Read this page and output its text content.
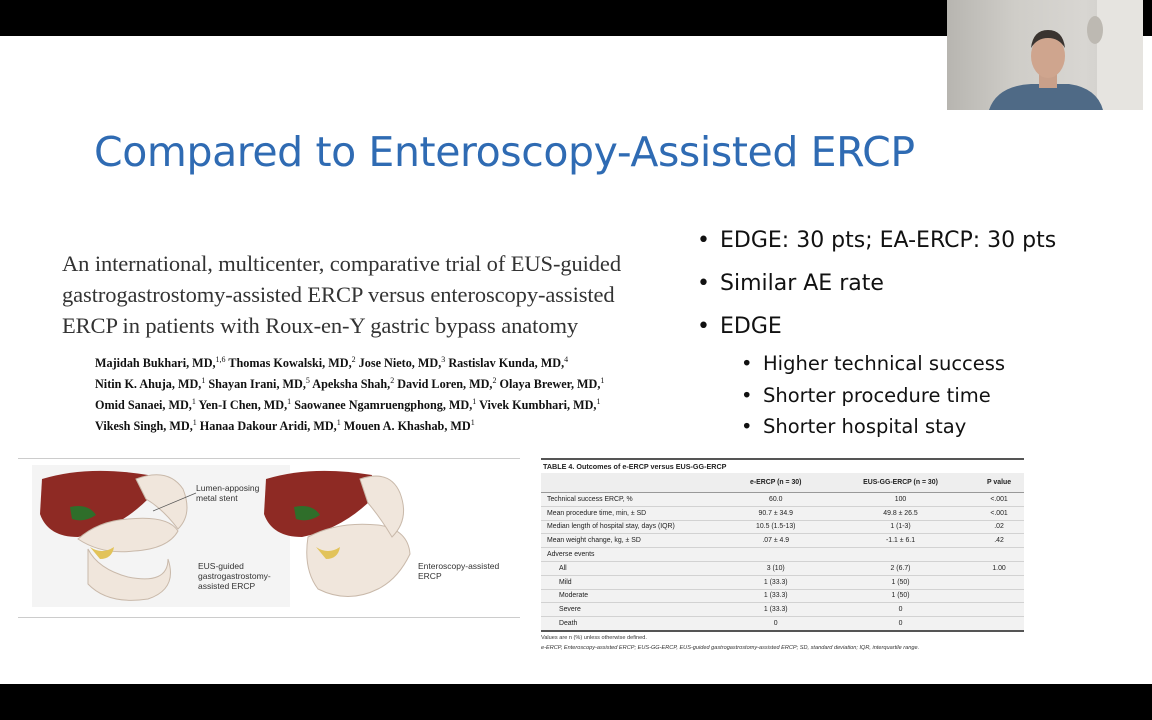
Compared to Enteroscopy-Assisted ERCP

An international, multicenter, comparative trial of EUS-guided
gastrogastrostomy-assisted ERCP versus enteroscopy-assisted
ERCP in patients with Roux-en-Y gastric bypass anatomy

Majidah Bukhari, MD,$^{1,6}$ Thomas Kowalski, MD,$^2$ Jose Nieto, MD,$^3$ Rastislav Kunda, MD,$^4$
Nitin K. Ahuja, MD,$^1$ Shayan Irani, MD,$^5$ Apeksha Shah,$^2$ David Loren, MD,$^2$ Olaya Brewer, MD,$^1$
Omid Sanaei, MD,$^1$ Yen-I Chen, MD,$^1$ Saowanee Ngamruengphong, MD,$^1$ Vivek Kumbhari, MD,$^1$
Vikesh Singh, MD,$^1$ Hanaa Dakour Aridi, MD,$^1$ Mouen A. Khashab, $MD^1$
• EDGE: 30 pts; EA-ERCP: 30 pts
• Similar AE rate
• EDGE
• Higher technical success
• Shorter procedure time
• Shorter hospital stay
Lumen-apposing metal stent
EUS-guided gastrogastrostomy-assisted ERCP
Enteroscopy-assisted ERCP
TABLE 4. Outcomes of e-ERCP versus EUS-GG-ERCP
	e-ERCP (n = 30)	EUS-GG-ERCP (n = 30)	P value
Technical success ERCP, %	60.0	100	<.001
Mean procedure time, min, ± SD	90.7 ± 34.9	49.8 ± 26.5	<.001
Median length of hospital stay, days (IQR)	10.5 (1.5-13)	1 (1-3)	.02
Mean weight change, kg, ± SD	.07 ± 4.9	-1.1 ± 6.1	.42
Adverse events			
All	3 (10)	2 (6.7)	1.00
Mild	1 (33.3)	1 (50)	
Moderate	1 (33.3)	1 (50)	
Severe	1 (33.3)	0	
Death	0	0	
Values are n (%) unless otherwise defined.
e-ERCP, Enteroscopy-assisted ERCP; EUS-GG-ERCP, EUS-guided gastrogastrostomy-assisted ERCP; SD, standard deviation; IQR, interquartile range.
